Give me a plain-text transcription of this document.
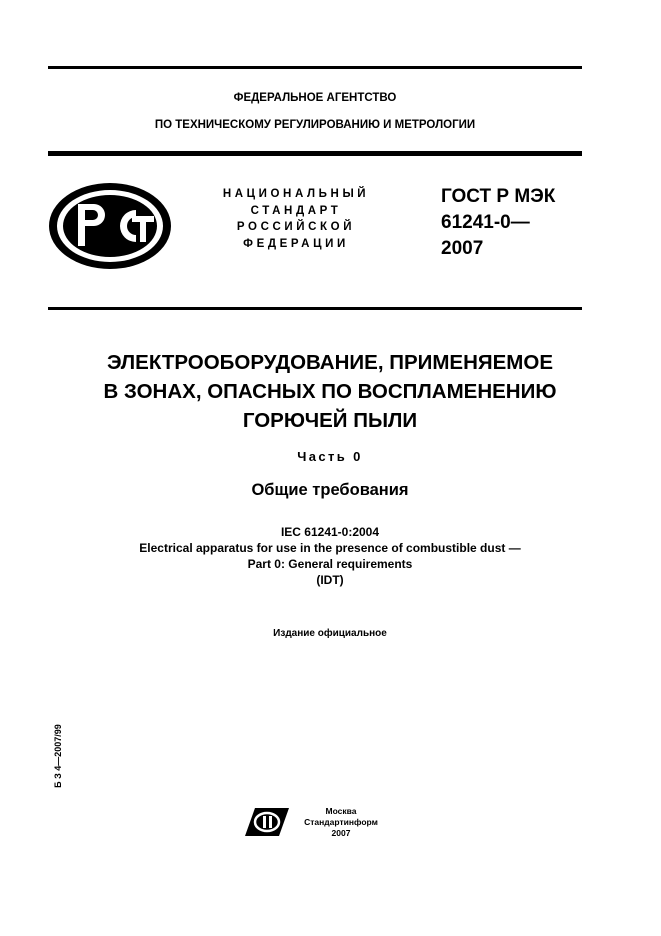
ФЕДЕРАЛЬНОЕ АГЕНТСТВО
ПО ТЕХНИЧЕСКОМУ РЕГУЛИРОВАНИЮ И МЕТРОЛОГИИ
НАЦИОНАЛЬНЫЙ
СТАНДАРТ
РОССИЙСКОЙ
ФЕДЕРАЦИИ
ГОСТ Р МЭК
61241-0—
2007
ЭЛЕКТРООБОРУДОВАНИЕ, ПРИМЕНЯЕМОЕ
В ЗОНАХ, ОПАСНЫХ ПО ВОСПЛАМЕНЕНИЮ
ГОРЮЧЕЙ ПЫЛИ
Часть 0
Общие требования
IEC 61241-0:2004
Electrical apparatus for use in the presence of combustible dust —
Part 0: General requirements
(IDT)
Издание официальное
Б З 4—2007/99
Москва
Стандартинформ
2007
